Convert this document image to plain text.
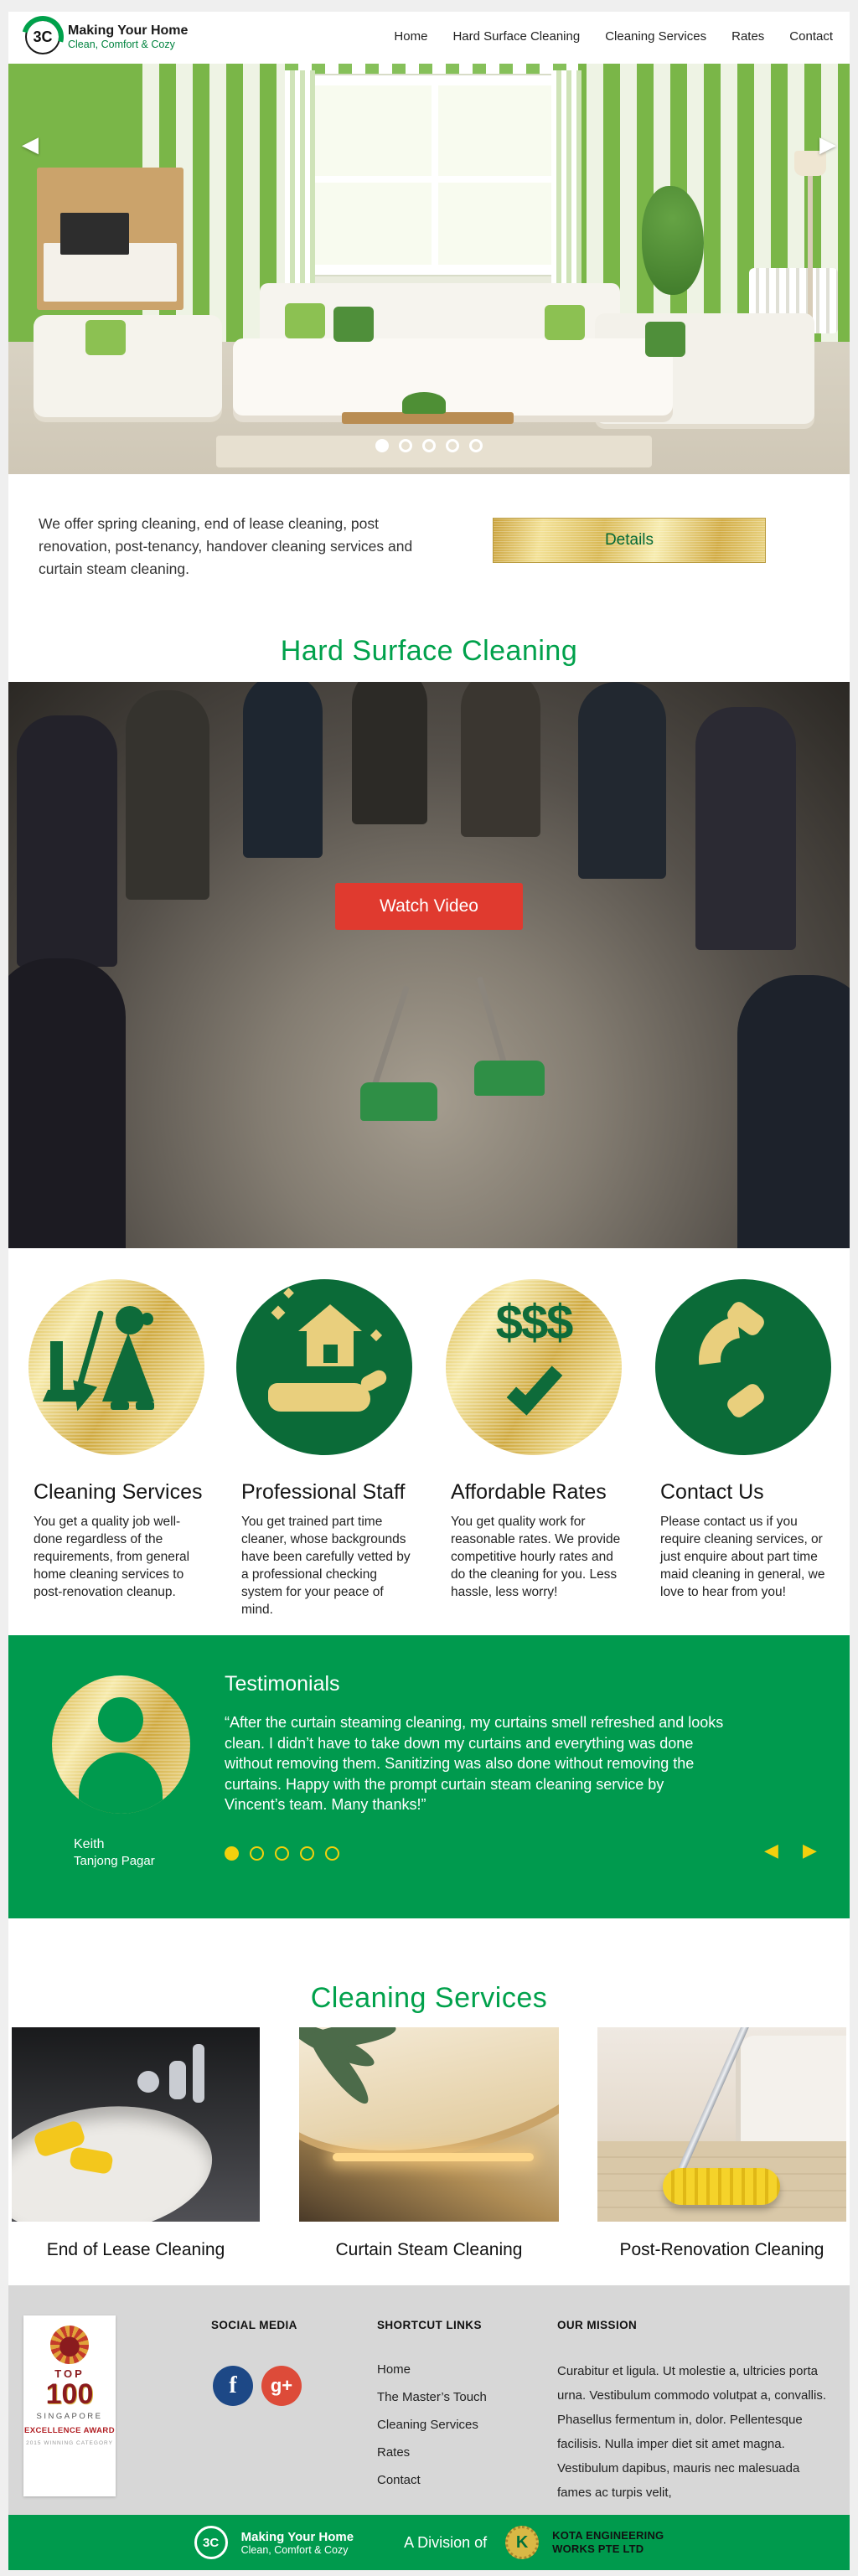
3C	Making Your Home
Clean, Comfort & Cozy
Home Hard Surface Cleaning Cleaning Services Rates Contact
◀	▶
We offer spring cleaning, end of lease cleaning, post renovation, post-tenancy, handover cleaning services and curtain steam cleaning.
Details
Hard Surface Cleaning
Watch Video
Cleaning Services
You get a quality job well-done regardless of the requirements, from general home cleaning services to post-renovation cleanup.
Professional Staff
You get trained part time cleaner, whose backgrounds have been carefully vetted by a professional checking system for your peace of mind.
$$$
Affordable Rates
You get quality work for reasonable rates. We provide competitive hourly rates and do the cleaning for you. Less hassle, less worry!
Contact Us
Please contact us if you require cleaning services, or just enquire about part time maid cleaning in general, we love to hear from you!
Keith
Tanjong Pagar
Testimonials
“After the curtain steaming cleaning, my curtains smell refreshed and looks clean. I didn’t have to take down my curtains and everything was done without removing them. Sanitizing was also done without removing the curtains. Happy with the prompt curtain steam cleaning service by Vincent’s team. Many thanks!”
◀ ▶
Cleaning Services
End of Lease Cleaning	Curtain Steam Cleaning	Post-Renovation Cleaning
TOP
100
SINGAPORE
EXCELLENCE AWARD
2015 WINNING CATEGORY
SOCIAL MEDIA
f	g+
SHORTCUT LINKS
Home
The Master’s Touch
Cleaning Services
Rates
Contact
OUR MISSION
Curabitur et ligula. Ut molestie a, ultricies porta urna. Vestibulum commodo volutpat a, convallis. Phasellus fermentum in, dolor. Pellentesque facilisis. Nulla imper diet sit amet magna. Vestibulum dapibus, mauris nec malesuada fames ac turpis velit,
3C	Making Your Home
Clean, Comfort & Cozy	A Division of	K	KOTA ENGINEERING
WORKS PTE LTD
